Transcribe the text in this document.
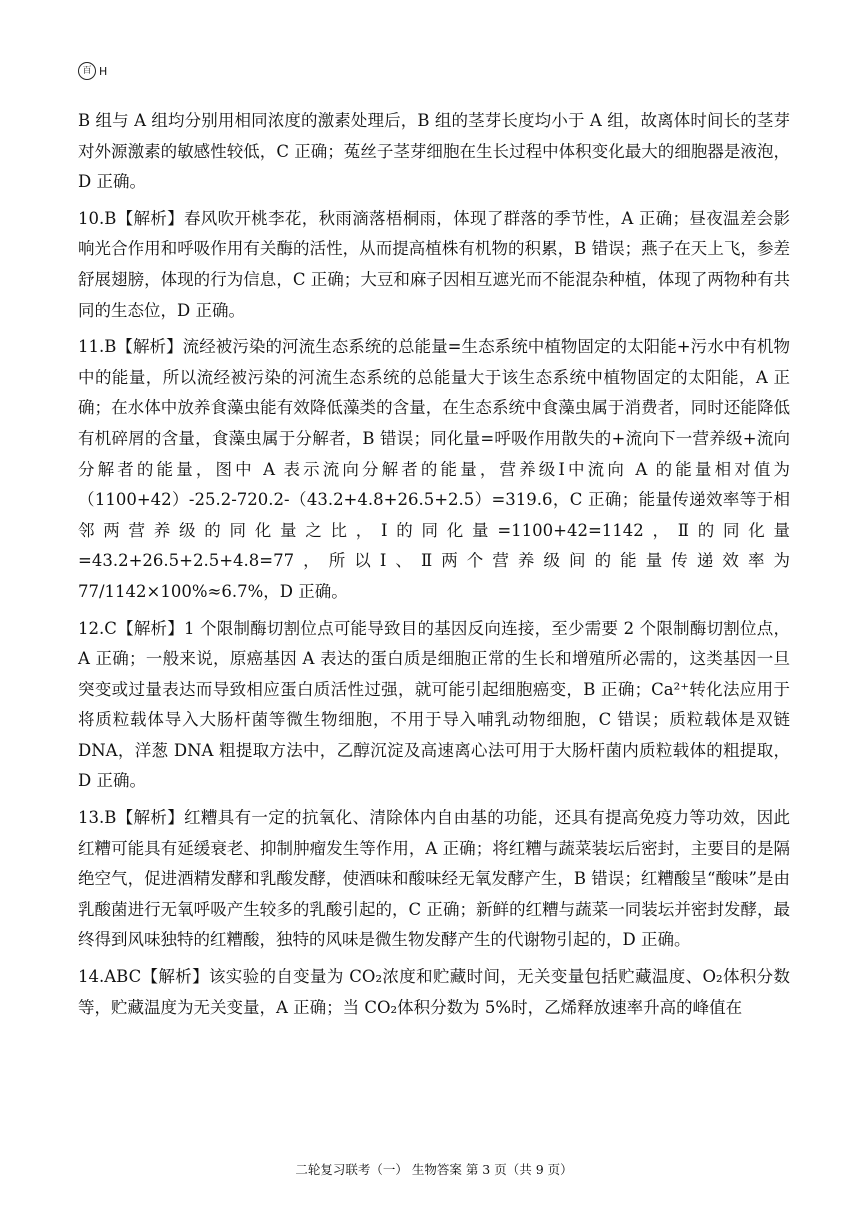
百 H

B 组与 A 组均分别用相同浓度的激素处理后，B 组的茎芽长度均小于 A 组，故离体时间长的茎芽对外源激素的敏感性较低，C 正确；菟丝子茎芽细胞在生长过程中体积变化最大的细胞器是液泡，D 正确。

10.B【解析】春风吹开桃李花，秋雨滴落梧桐雨，体现了群落的季节性，A 正确；昼夜温差会影响光合作用和呼吸作用有关酶的活性，从而提高植株有机物的积累，B 错误；燕子在天上飞，参差舒展翅膀，体现的行为信息，C 正确；大豆和麻子因相互遮光而不能混杂种植，体现了两物种有共同的生态位，D 正确。

11.B【解析】流经被污染的河流生态系统的总能量=生态系统中植物固定的太阳能+污水中有机物中的能量，所以流经被污染的河流生态系统的总能量大于该生态系统中植物固定的太阳能，A 正确；在水体中放养食藻虫能有效降低藻类的含量，在生态系统中食藻虫属于消费者，同时还能降低有机碎屑的含量，食藻虫属于分解者，B 错误；同化量=呼吸作用散失的+流向下一营养级+流向分解者的能量，图中 A 表示流向分解者的能量，营养级Ⅰ中流向 A 的能量相对值为（1100+42）-25.2-720.2-（43.2+4.8+26.5+2.5）=319.6，C 正确；能量传递效率等于相邻两营养级的同化量之比，Ⅰ的同化量=1100+42=1142，Ⅱ的同化量=43.2+26.5+2.5+4.8=77，所以Ⅰ、Ⅱ两个营养级间的能量传递效率为 77/1142×100%≈6.7%，D 正确。

12.C【解析】1 个限制酶切割位点可能导致目的基因反向连接，至少需要 2 个限制酶切割位点，A 正确；一般来说，原癌基因 A 表达的蛋白质是细胞正常的生长和增殖所必需的，这类基因一旦突变或过量表达而导致相应蛋白质活性过强，就可能引起细胞癌变，B 正确；Ca²⁺转化法应用于将质粒载体导入大肠杆菌等微生物细胞，不用于导入哺乳动物细胞，C 错误；质粒载体是双链 DNA，洋葱 DNA 粗提取方法中，乙醇沉淀及高速离心法可用于大肠杆菌内质粒载体的粗提取，D 正确。

13.B【解析】红糟具有一定的抗氧化、清除体内自由基的功能，还具有提高免疫力等功效，因此红糟可能具有延缓衰老、抑制肿瘤发生等作用，A 正确；将红糟与蔬菜装坛后密封，主要目的是隔绝空气，促进酒精发酵和乳酸发酵，使酒味和酸味经无氧发酵产生，B 错误；红糟酸呈“酸味”是由乳酸菌进行无氧呼吸产生较多的乳酸引起的，C 正确；新鲜的红糟与蔬菜一同装坛并密封发酵，最终得到风味独特的红糟酸，独特的风味是微生物发酵产生的代谢物引起的，D 正确。

14.ABC【解析】该实验的自变量为 CO₂浓度和贮藏时间，无关变量包括贮藏温度、O₂体积分数等，贮藏温度为无关变量，A 正确；当 CO₂体积分数为 5%时，乙烯释放速率升高的峰值在

二轮复习联考（一） 生物答案 第 3 页（共 9 页）
